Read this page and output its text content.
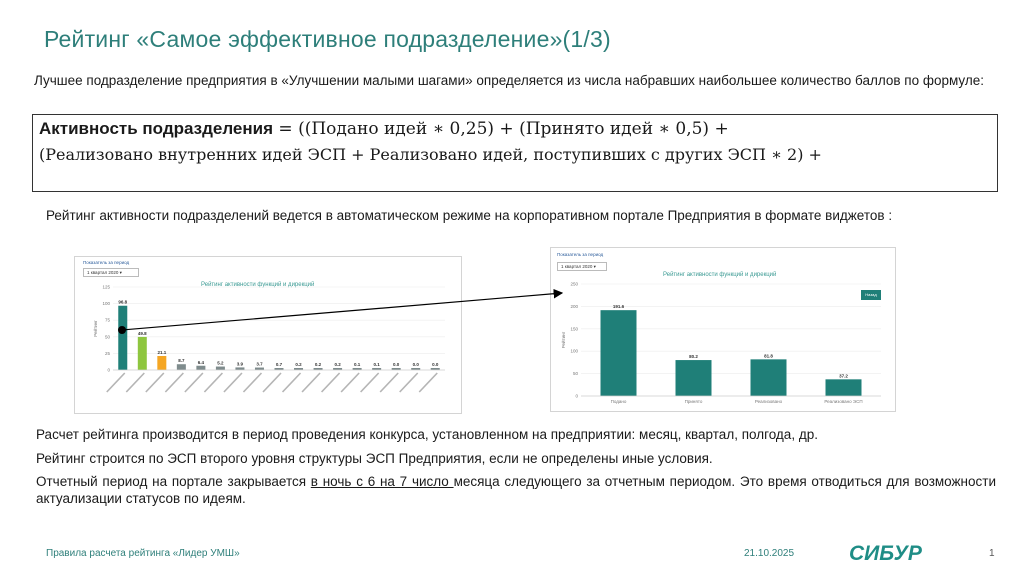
Рейтинг «Самое эффективное подразделение»(1/3)
Лучшее подразделение предприятия в «Улучшении малыми шагами» определяется из числа набравших наибольшее количество баллов по формуле:
Активность подразделения = ((Подано идей ∗ 0,25) + (Принято идей ∗ 0,5) +
(Реализовано внутренних идей ЭСП + Реализовано идей, поступивших с других ЭСП ∗ 2) +
Рейтинг активности подразделений ведется в автоматическом режиме на корпоративном портале Предприятия в формате виджетов :
Показатель за период
1 квартал 2020 ▾
Рейтинг активности функций и дирекций
0
25
50
75
100
125
Рейтинг
96.8
49.8
21.1
8.7	6.4	5.2	3.9	3.7	0.7	0.2	0.2	0.2	0.1	0.1	0.0	0.0	0.0
Показатель за период
1 квартал 2020 ▾
Рейтинг активности функций и дирекций
Назад
0
50
100
150
200
250
Рейтинг
191.6
Подано
80.2
Принято
81.8
Реализовано
37.2
Реализовано ЭСП
Расчет рейтинга производится в период проведения конкурса, установленном на предприятии: месяц, квартал, полгода, др.
Рейтинг строится по ЭСП второго уровня структуры ЭСП Предприятия, если не определены иные условия.
Отчетный период на портале закрывается в ночь с 6 на 7 число месяца следующего за отчетным периодом. Это время отводиться для возможности актуализации статусов по идеям.
Правила расчета рейтинга «Лидер УМШ»	21.10.2025	СИБУР	1
